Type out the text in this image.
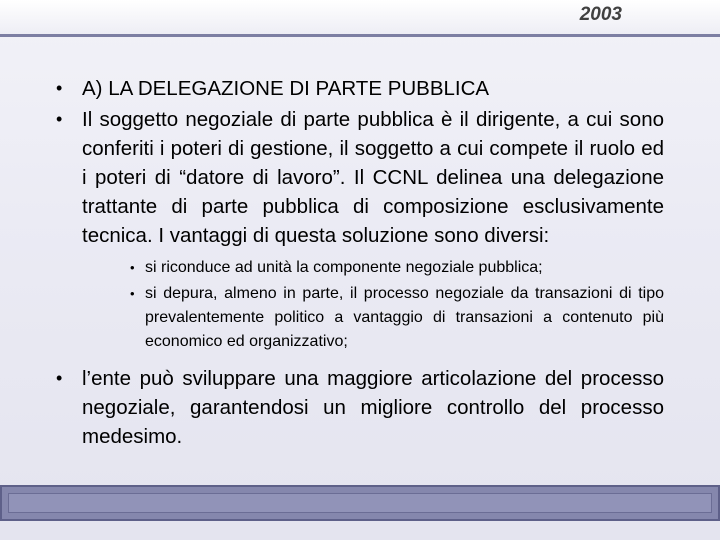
2003
• A) LA DELEGAZIONE DI PARTE PUBBLICA
• Il soggetto negoziale di parte pubblica è il dirigente, a cui sono conferiti i poteri di gestione, il soggetto a cui compete il ruolo ed i poteri di “datore di lavoro”. Il CCNL delinea una delegazione trattante di parte pubblica di composizione esclusivamente tecnica. I vantaggi di questa soluzione sono diversi:
• si riconduce ad unità la componente negoziale pubblica;
• si depura, almeno in parte, il processo negoziale da transazioni di tipo prevalentemente politico a vantaggio di transazioni a contenuto più economico ed organizzativo;
• l’ente può sviluppare una maggiore articolazione del processo negoziale, garantendosi un migliore controllo del processo medesimo.
